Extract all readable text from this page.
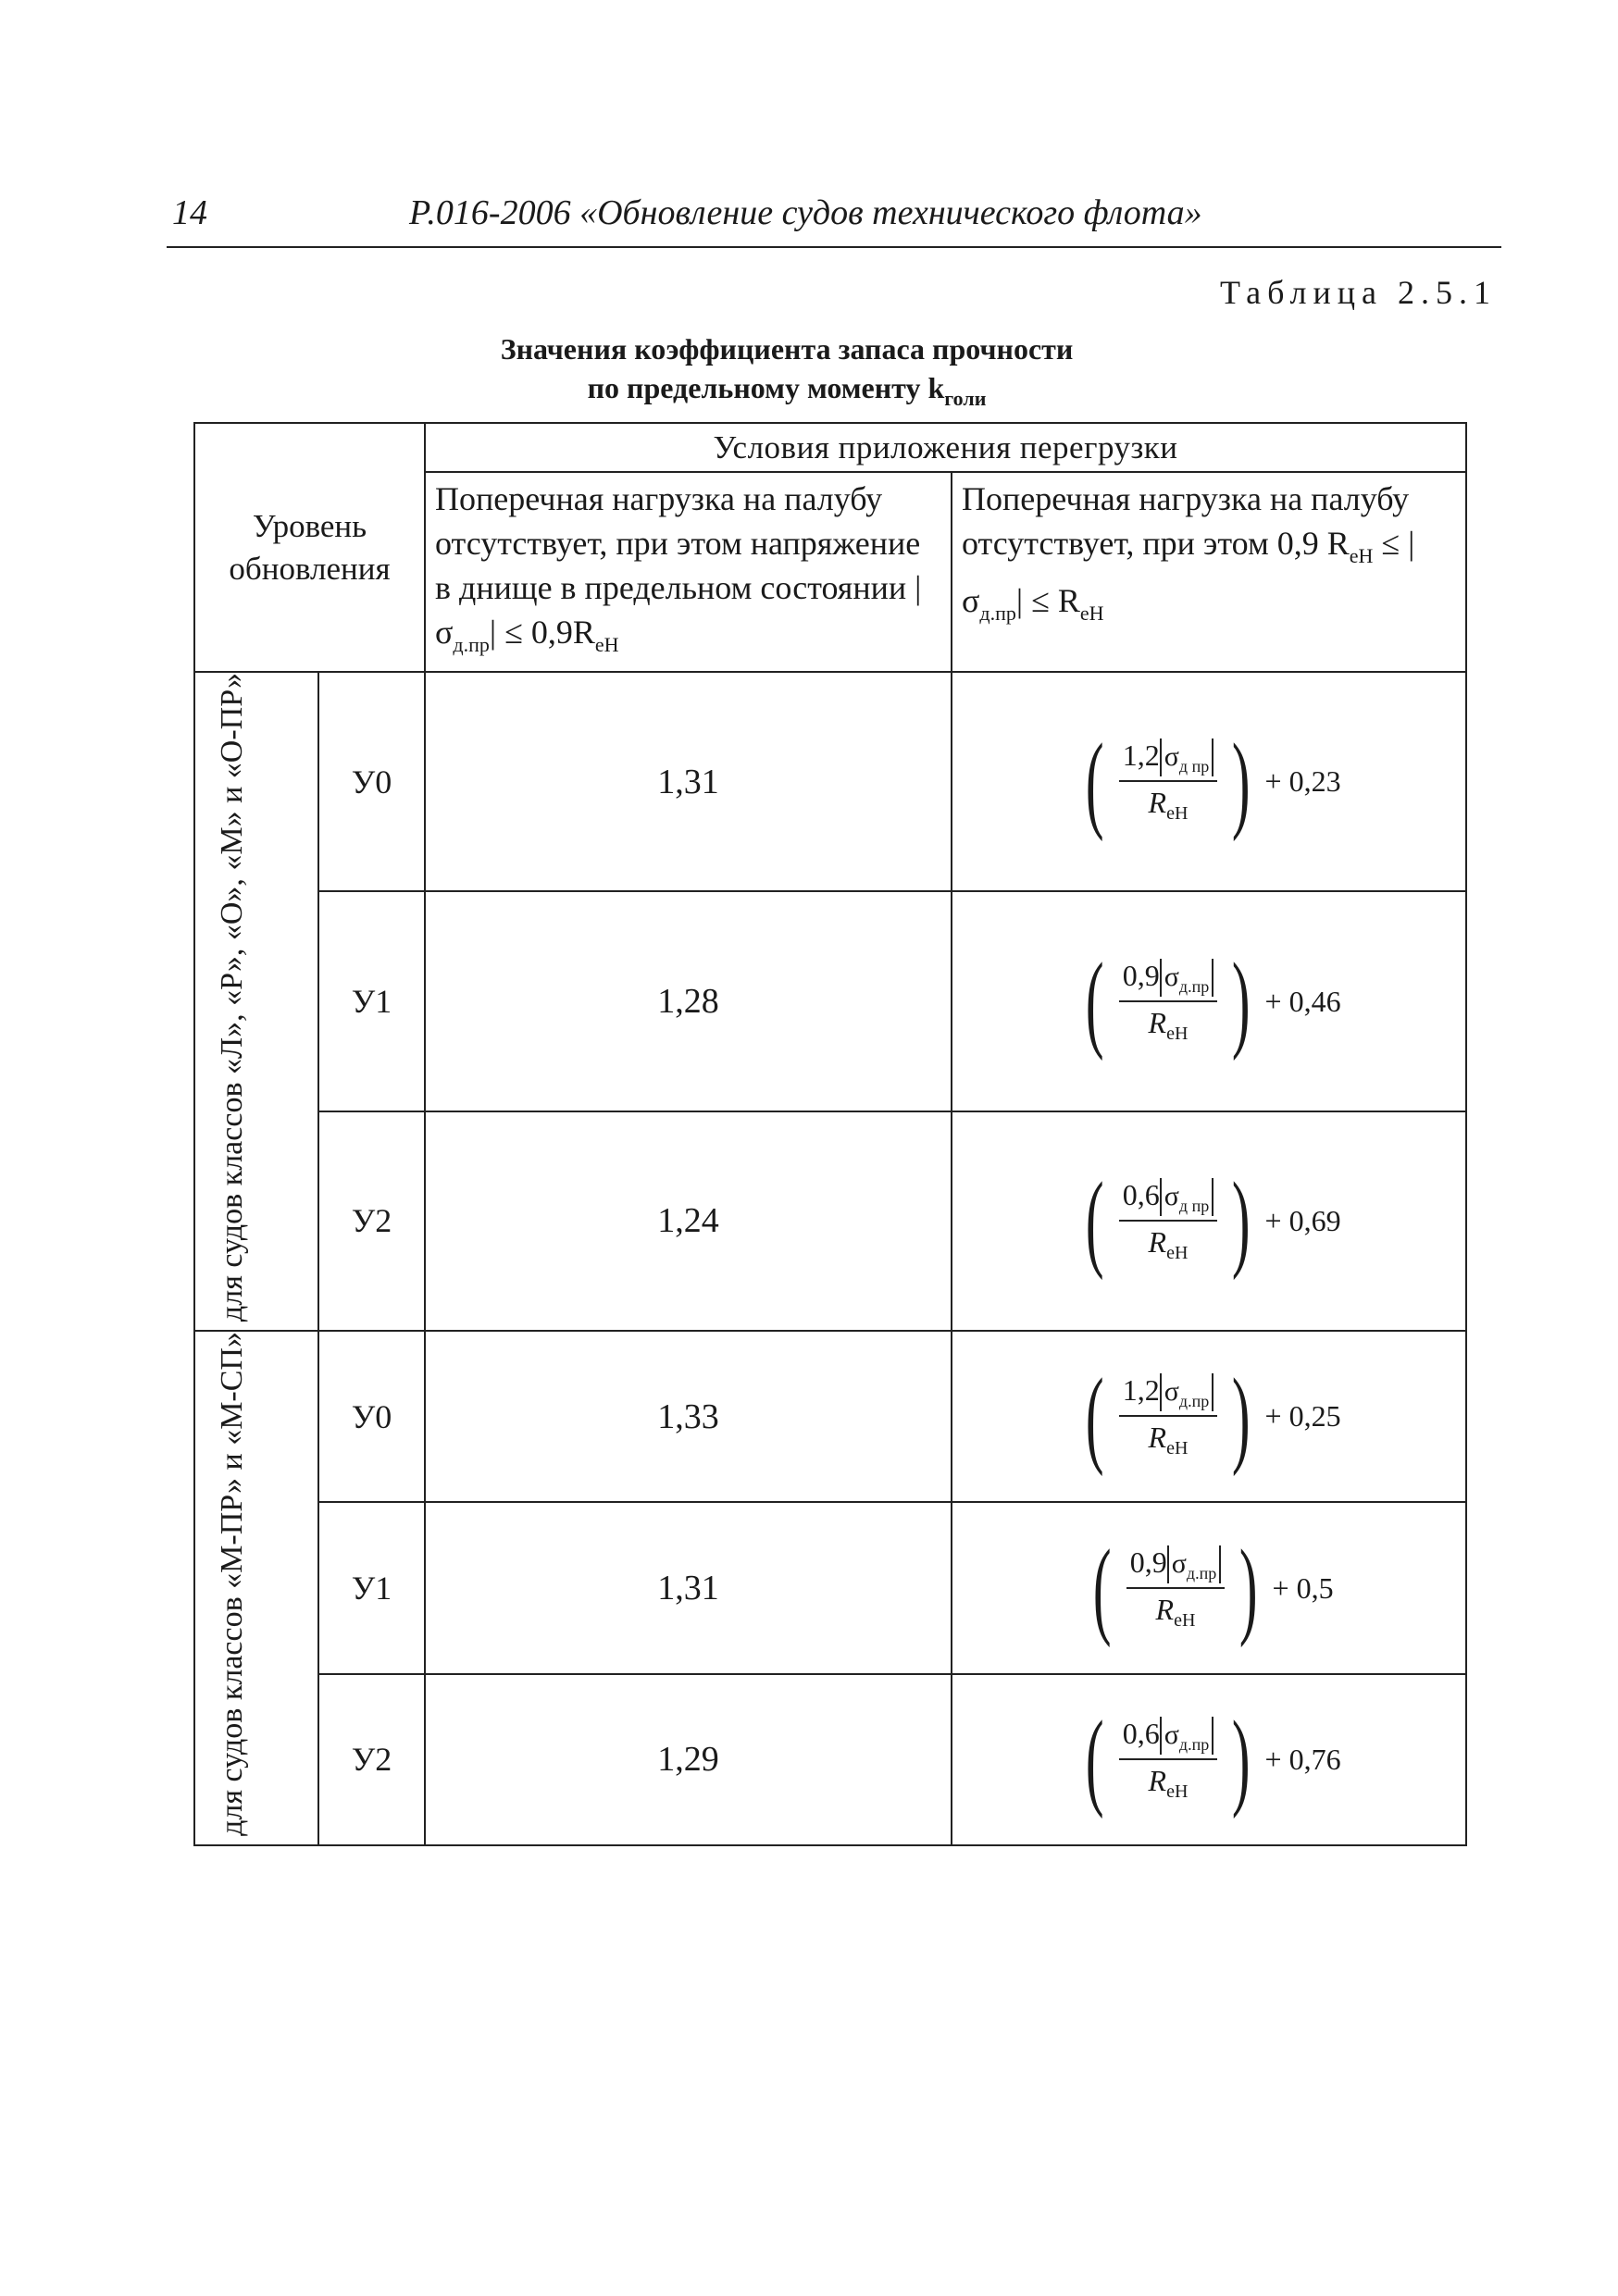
14	Р.016-2006 «Обновление судов технического флота»
Таблица 2.5.1
Значения коэффициента запаса прочности
по предельному моменту $k_{голи}$
Уровень обновления		Условия приложения перегрузки	
		Поперечная нагрузка на палубу отсутствует, при этом напряжение в днище в предельном состоянии $|\sigma_{д.пр}| \le 0,9R_{еН}$	Поперечная нагрузка на палубу отсутствует, при этом 0,9 $R_{еН} \le |\sigma_{д.пр}| \le R_{еН}$
для судов классов «Л», «Р», «О», «М» и «О-ПР»	У0	1,31	( $\frac{1,2 \sigma_{д пр}}{R_{еН}}$ ) + 0,23

	У1	1,28	( $\frac{0,9 \sigma_{д.пр}}{R_{еН}}$ ) + 0,46

	У2	1,24	( $\frac{0,6 \sigma_{д пр}}{R_{еН}}$ ) + 0,69

для судов классов «М-ПР» и «М-СП»	У0	1,33	( $\frac{1,2 \sigma_{д.пр}}{R_{еН}}$ ) + 0,25

	У1	1,31	( $\frac{0,9 \sigma_{д.пр}}{R_{еН}}$ ) + 0,5

	У2	1,29	( $\frac{0,6 \sigma_{д.пр}}{R_{еН}}$ ) + 0,76
